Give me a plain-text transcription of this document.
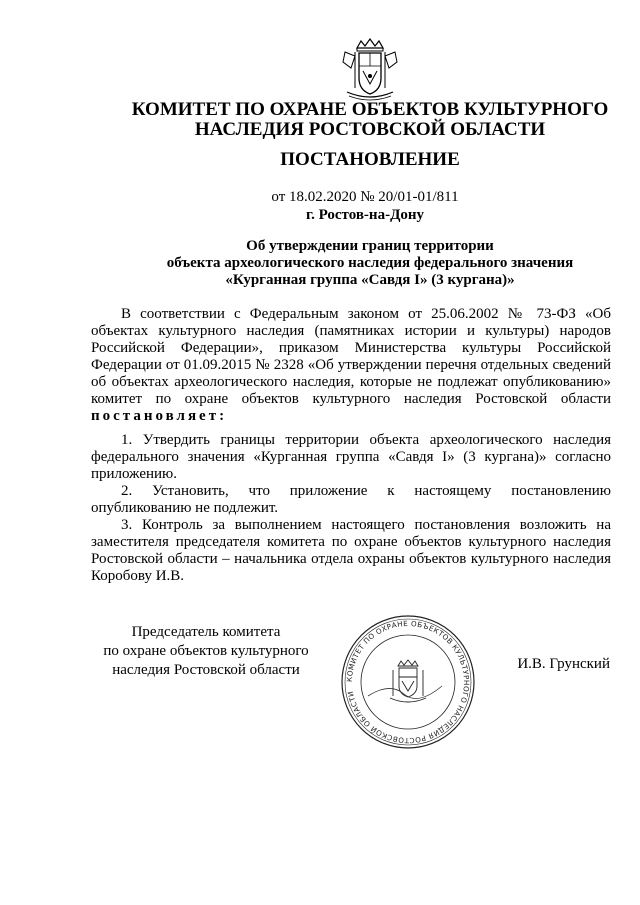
КОМИТЕТ ПО ОХРАНЕ ОБЪЕКТОВ КУЛЬТУРНОГО
НАСЛЕДИЯ РОСТОВСКОЙ ОБЛАСТИ
ПОСТАНОВЛЕНИЕ
от 18.02.2020 № 20/01-01/811
г. Ростов-на-Дону
Об утверждении границ территории
объекта археологического наследия федерального значения
«Курганная группа «Савдя I» (3 кургана)»
В соответствии с Федеральным законом от 25.06.2002 № 73-ФЗ «Об объектах культурного наследия (памятниках истории и культуры) народов Российской Федерации», приказом Министерства культуры Российской Федерации от 01.09.2015 № 2328 «Об утверждении перечня отдельных сведений об объектах археологического наследия, которые не подлежат опубликованию» комитет по охране объектов культурного наследия Ростовской области постановляет:

1. Утвердить границы территории объекта археологического наследия федерального значения «Курганная группа «Савдя I» (3 кургана)» согласно приложению.

2. Установить, что приложение к настоящему постановлению опубликованию не подлежит.

3. Контроль за выполнением настоящего постановления возложить на заместителя председателя комитета по охране объектов культурного наследия Ростовской области – начальника отдела охраны объектов культурного наследия Коробову И.В.

Председатель комитета
по охране объектов культурного
наследия Ростовской области
КОМИТЕТ ПО ОХРАНЕ ОБЪЕКТОВ КУЛЬТУРНОГО НАСЛЕДИЯ РОСТОВСКОЙ ОБЛАСТИ
И.В. Грунский
